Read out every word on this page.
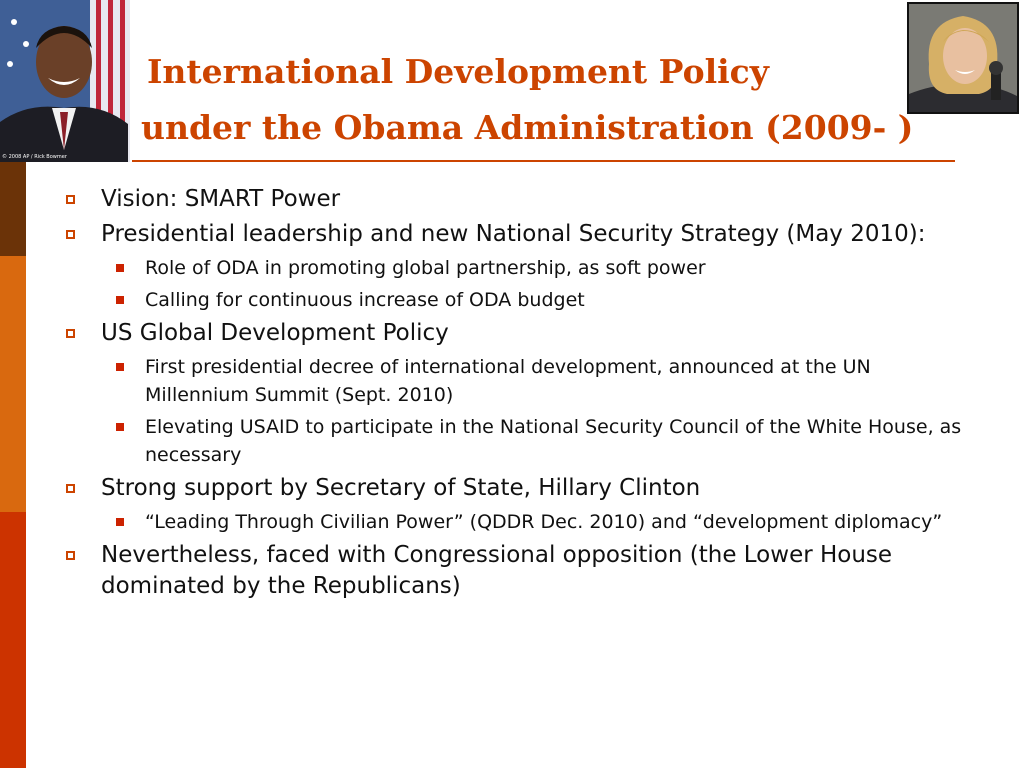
© 2008 AP / Rick Bowmer
International Development Policy
under the Obama Administration (2009- )
Vision: SMART Power
Presidential leadership and new National Security Strategy (May 2010):
Role of ODA in promoting global partnership, as soft power
Calling for continuous increase of ODA budget
US Global Development Policy
First presidential decree of international development, announced at the UN Millennium Summit (Sept. 2010)
Elevating USAID to participate in the National Security Council of the White House, as necessary
Strong support by Secretary of State, Hillary Clinton
“Leading Through Civilian Power” (QDDR Dec. 2010) and “development diplomacy”
Nevertheless, faced with Congressional opposition (the Lower House dominated by the Republicans)
